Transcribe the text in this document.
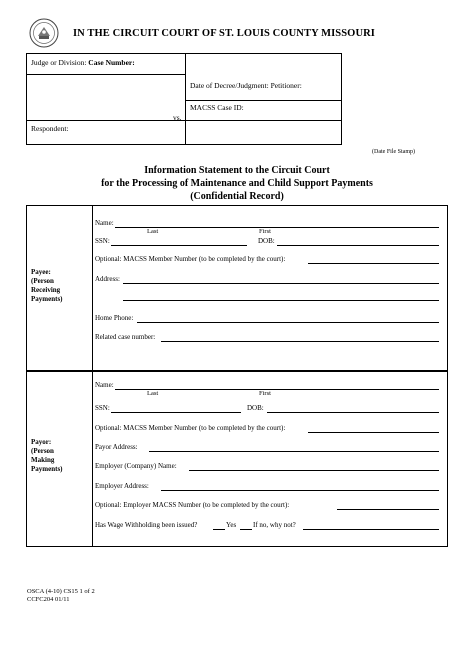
IN THE CIRCUIT COURT OF ST. LOUIS COUNTY MISSOURI
Judge or Division: Case Number:
Date of Decree/Judgment: Petitioner:
MACSS Case ID:
vs.
Respondent:
(Date File Stamp)
Information Statement to the Circuit Court
for the Processing of Maintenance and Child Support Payments
(Confidential Record)
Payee:
(Person
Receiving
Payments)
Name:
Last	First
SSN:	DOB:
Optional: MACSS Member Number (to be completed by the court):
Address:
Home Phone:
Related case number:
Payor:
(Person
Making
Payments)
Name:
Last	First
SSN:	DOB:
Optional: MACSS Member Number (to be completed by the court):
Payor Address:
Employer (Company) Name:
Employer Address:
Optional: Employer MACSS Number (to be completed by the court):
Has Wage Withholding been issued?	Yes If no, why not?
OSCA (4-10) CS15 1 of 2
CCFC204 01/11
